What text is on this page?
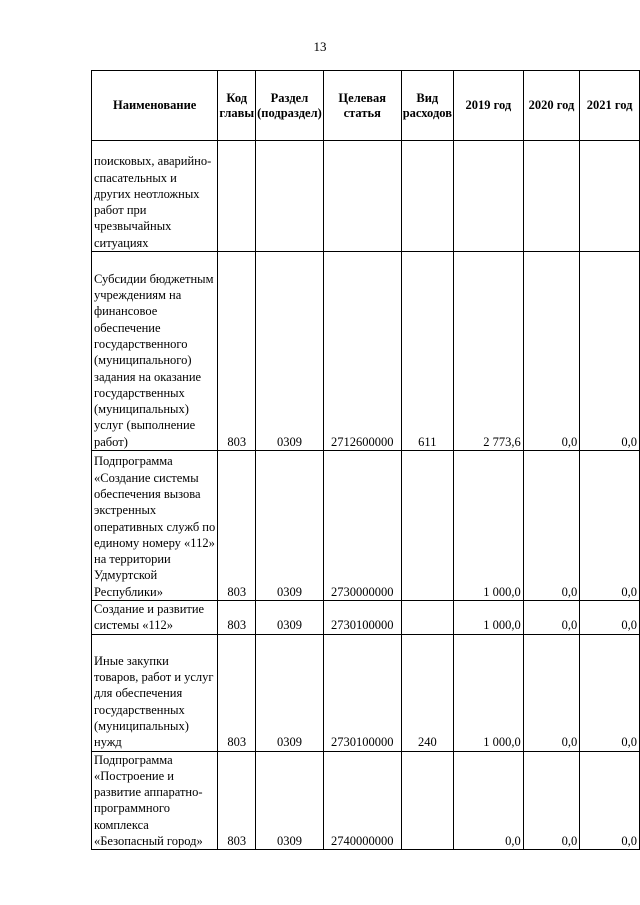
13
Наименование	Код главы	Раздел (подраздел)	Целевая статья	Вид расходов	2019 год	2020 год	2021 год
поисковых, аварийно-спасательных и других неотложных работ при чрезвычайных ситуациях							
Субсидии бюджетным учреждениям на финансовое обеспечение государственного (муниципального) задания на оказание государственных (муниципальных) услуг (выполнение работ)	803	0309	2712600000	611	2 773,6	0,0	0,0
Подпрограмма «Создание системы обеспечения вызова экстренных оперативных служб по единому номеру «112» на территории Удмуртской Республики»	803	0309	2730000000		1 000,0	0,0	0,0
Создание и развитие системы «112»	803	0309	2730100000		1 000,0	0,0	0,0
Иные закупки товаров, работ и услуг для обеспечения государственных (муниципальных) нужд	803	0309	2730100000	240	1 000,0	0,0	0,0
Подпрограмма «Построение и развитие аппаратно-программного комплекса «Безопасный город»	803	0309	2740000000		0,0	0,0	0,0
